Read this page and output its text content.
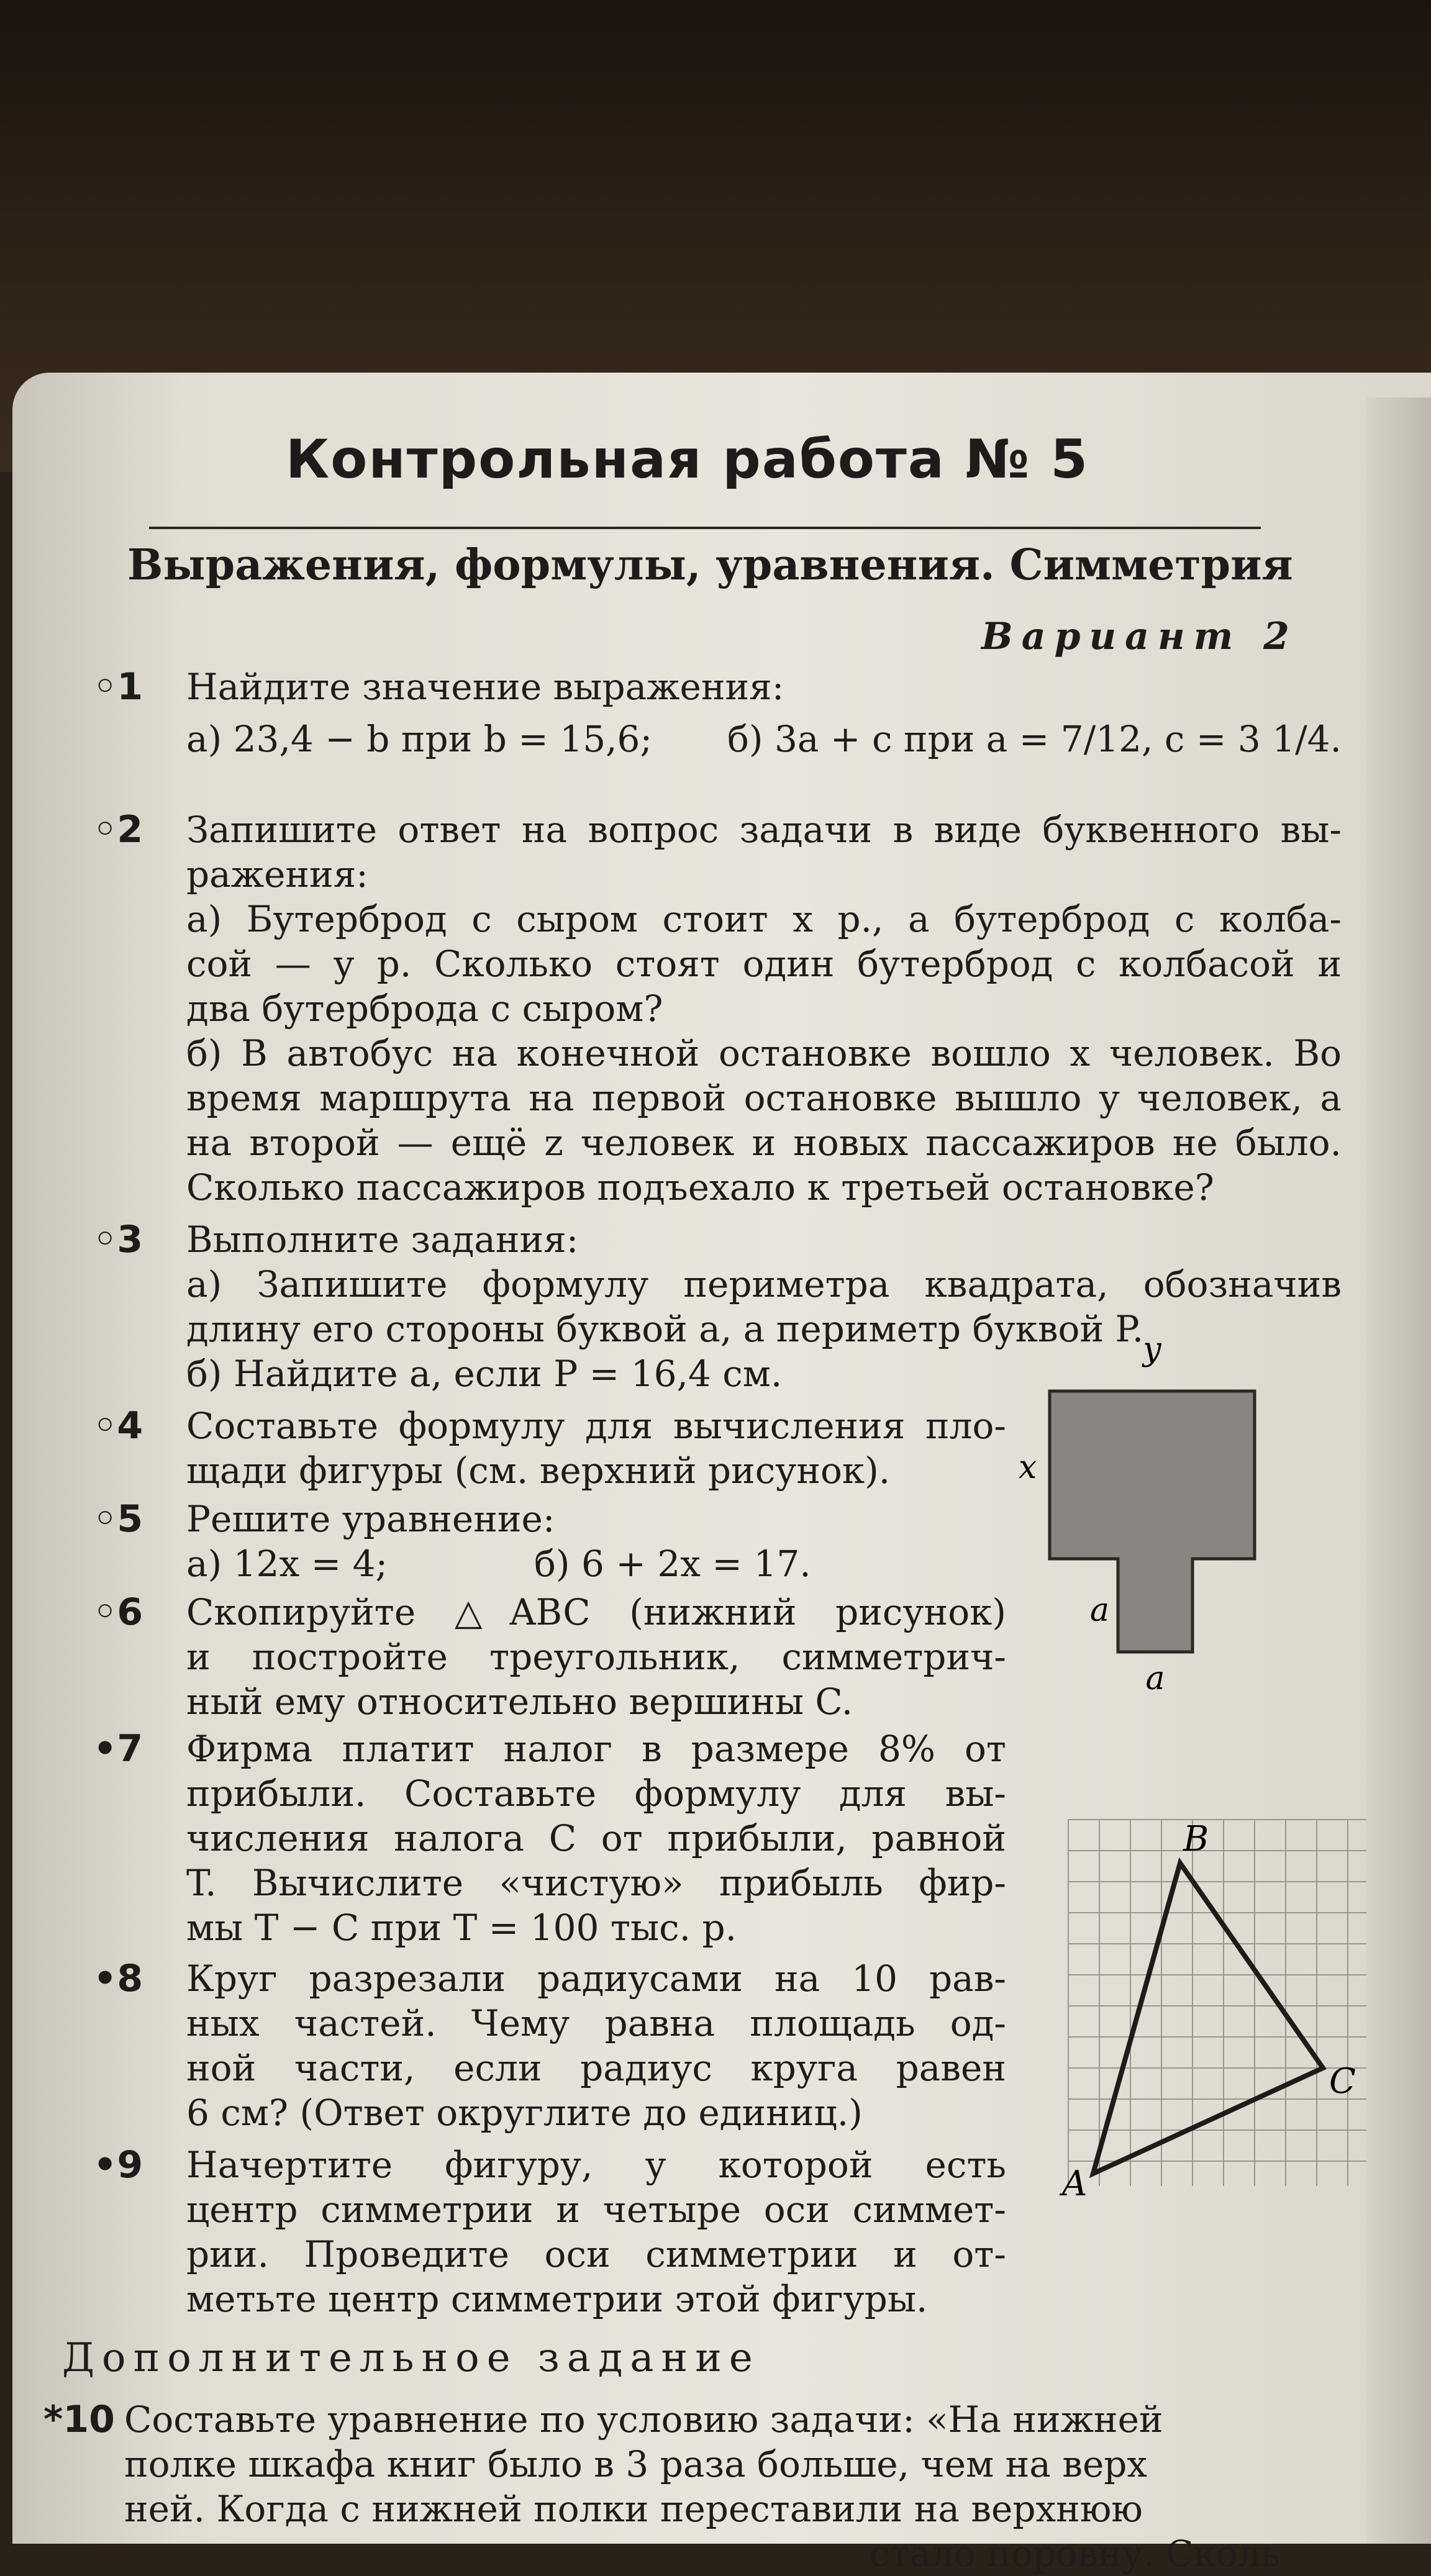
Контрольная работа № 5
Выражения, формулы, уравнения. Симметрия
Вариант 2
◦1	Найдите значение выражения:
а) 23,4 − b при b = 15,6;	б) 3a + c при a = 7/12, c = 3 1/4.
◦2	Запишите ответ на вопрос задачи в виде буквенного вы-
ражения:
а) Бутерброд с сыром стоит x р., а бутерброд с колба-
сой — y р. Сколько стоят один бутерброд с колбасой и
два бутерброда с сыром?
б) В автобус на конечной остановке вошло x человек. Во
время маршрута на первой остановке вышло y человек, а
на второй — ещё z человек и новых пассажиров не было.
Сколько пассажиров подъехало к третьей остановке?
◦3	Выполните задания:
а) Запишите формулу периметра квадрата, обозначив
длину его стороны буквой a, а периметр буквой P.
б) Найдите a, если P = 16,4 см.
◦4	Составьте формулу для вычисления пло-
щади фигуры (см. верхний рисунок).
◦5	Решите уравнение:
а) 12x = 4;	б) 6 + 2x = 17.
◦6	Скопируйте △ABC (нижний рисунок)
и постройте треугольник, симметрич-
ный ему относительно вершины C.
•7	Фирма платит налог в размере 8% от
прибыли. Составьте формулу для вы-
числения налога C от прибыли, равной
T. Вычислите «чистую» прибыль фир-
мы T − C при T = 100 тыс. р.
•8	Круг разрезали радиусами на 10 рав-
ных частей. Чему равна площадь од-
ной части, если радиус круга равен
6 см? (Ответ округлите до единиц.)
•9	Начертите фигуру, у которой есть
центр симметрии и четыре оси симмет-
рии. Проведите оси симметрии и от-
метьте центр симметрии этой фигуры.
y
x
a
a
A
B
C
Дополнительное задание
*10 Составьте уравнение по условию задачи: «На нижней
полке шкафа книг было в 3 раза больше, чем на верх
ней. Когда с нижней полки переставили на верхнюю
стало поровну. Сколь
